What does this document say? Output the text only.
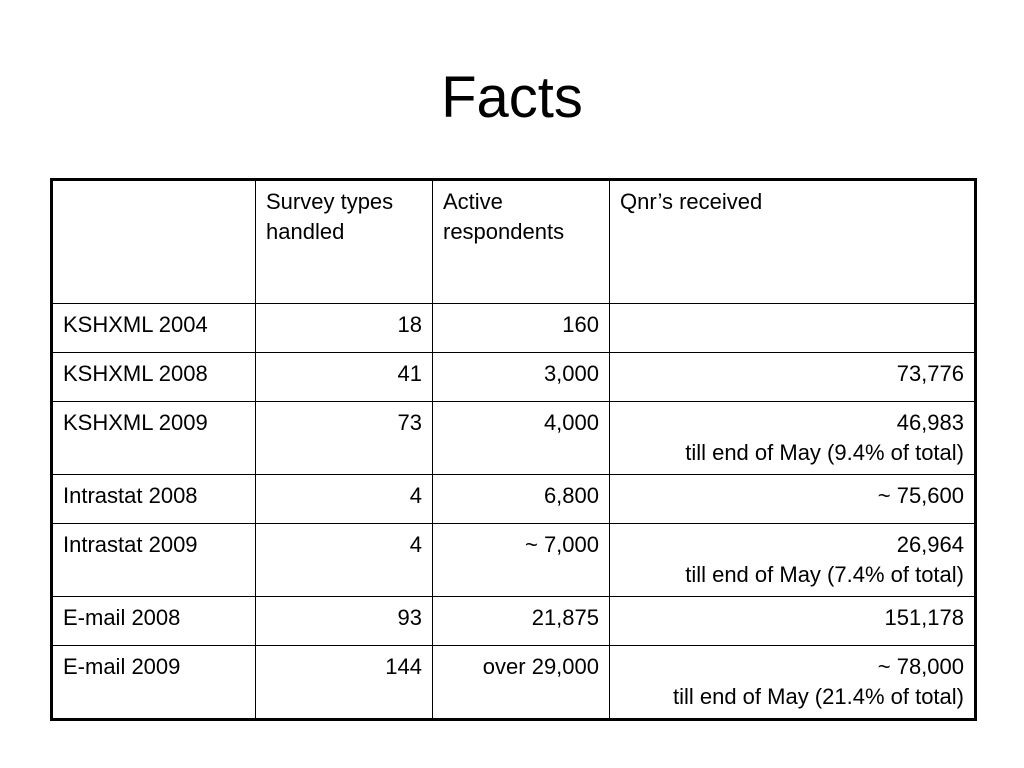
Facts
	Survey types handled	Active respondents	Qnr’s received
KSHXML 2004	18	160	

KSHXML 2008	41	3,000	73,776

KSHXML 2009	73	4,000	46,983
till end of May (9.4% of total)

Intrastat 2008	4	6,800	~ 75,600

Intrastat 2009	4	~ 7,000	26,964
till end of May (7.4% of total)

E-mail 2008	93	21,875	151,178

E-mail 2009	144	over 29,000	~ 78,000
till end of May (21.4% of total)
